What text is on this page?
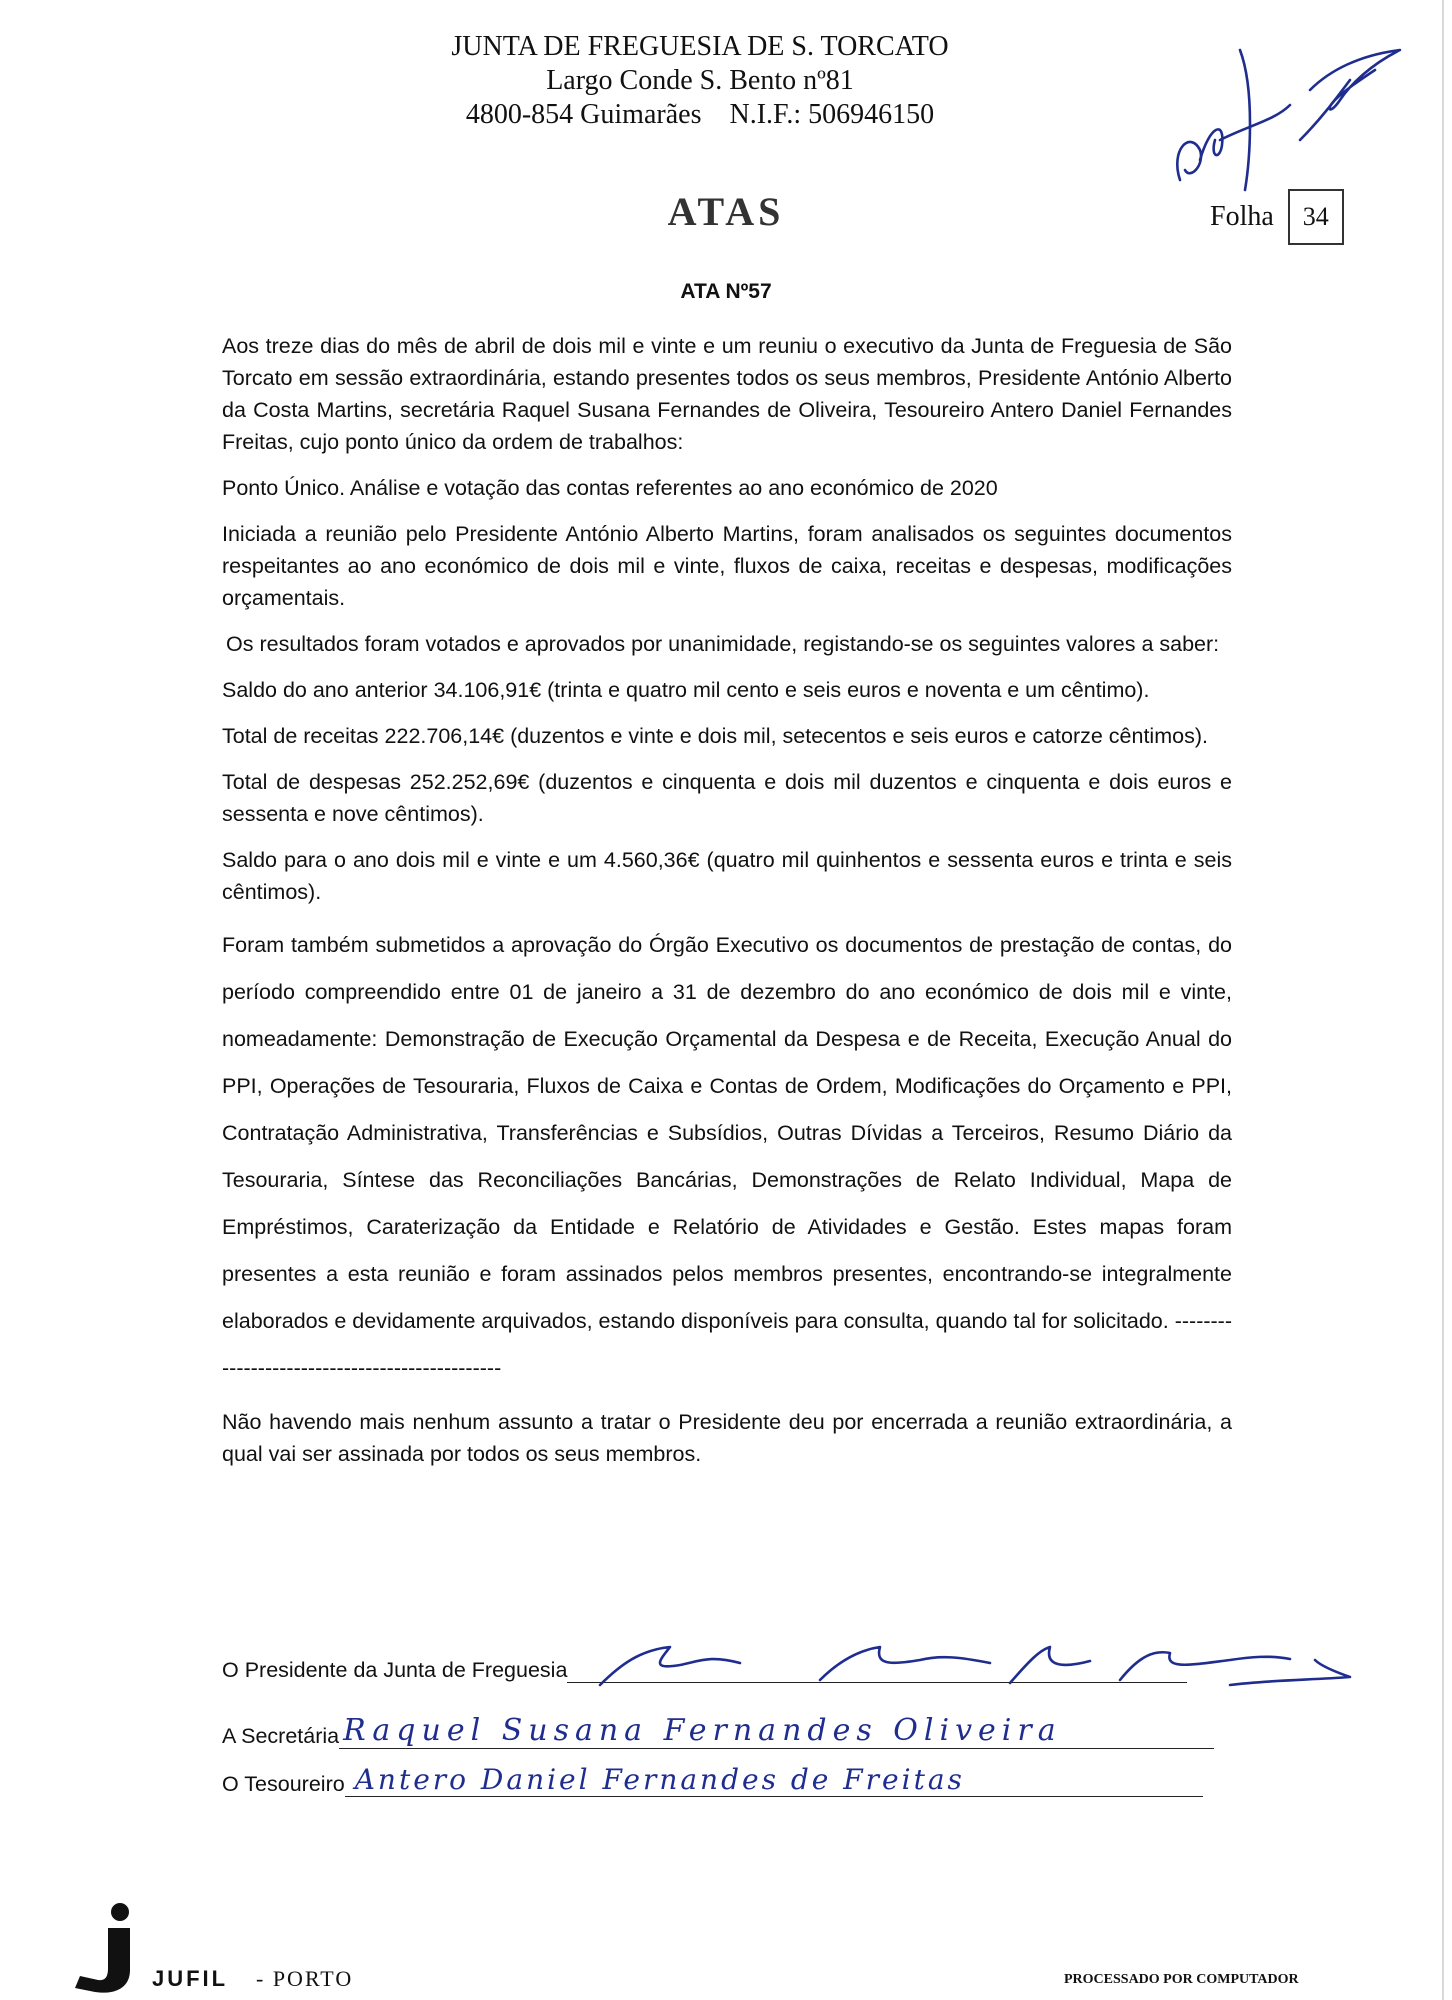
JUNTA DE FREGUESIA DE S. TORCATO
Largo Conde S. Bento nº81
4800-854 Guimarães N.I.F.: 506946150
ATAS	Folha	34
ATA Nº57

Aos treze dias do mês de abril de dois mil e vinte e um reuniu o executivo da Junta de Freguesia de São Torcato em sessão extraordinária, estando presentes todos os seus membros, Presidente António Alberto da Costa Martins, secretária Raquel Susana Fernandes de Oliveira, Tesoureiro Antero Daniel Fernandes Freitas, cujo ponto único da ordem de trabalhos:

Ponto Único. Análise e votação das contas referentes ao ano económico de 2020

Iniciada a reunião pelo Presidente António Alberto Martins, foram analisados os seguintes documentos respeitantes ao ano económico de dois mil e vinte, fluxos de caixa, receitas e despesas, modificações orçamentais.

Os resultados foram votados e aprovados por unanimidade, registando-se os seguintes valores a saber:

Saldo do ano anterior 34.106,91€ (trinta e quatro mil cento e seis euros e noventa e um cêntimo).

Total de receitas 222.706,14€ (duzentos e vinte e dois mil, setecentos e seis euros e catorze cêntimos).

Total de despesas 252.252,69€ (duzentos e cinquenta e dois mil duzentos e cinquenta e dois euros e sessenta e nove cêntimos).

Saldo para o ano dois mil e vinte e um 4.560,36€ (quatro mil quinhentos e sessenta euros e trinta e seis cêntimos).

Foram também submetidos a aprovação do Órgão Executivo os documentos de prestação de contas, do período compreendido entre 01 de janeiro a 31 de dezembro do ano económico de dois mil e vinte, nomeadamente: Demonstração de Execução Orçamental da Despesa e de Receita, Execução Anual do PPI, Operações de Tesouraria, Fluxos de Caixa e Contas de Ordem, Modificações do Orçamento e PPI, Contratação Administrativa, Transferências e Subsídios, Outras Dívidas a Terceiros, Resumo Diário da Tesouraria, Síntese das Reconciliações Bancárias, Demonstrações de Relato Individual, Mapa de Empréstimos, Caraterização da Entidade e Relatório de Atividades e Gestão. Estes mapas foram presentes a esta reunião e foram assinados pelos membros presentes, encontrando-se integralmente elaborados e devidamente arquivados, estando disponíveis para consulta, quando tal for solicitado. -----------------------------------------------

Não havendo mais nenhum assunto a tratar o Presidente deu por encerrada a reunião extraordinária, a qual vai ser assinada por todos os seus membros.

O Presidente da Junta de Freguesia
A Secretária Raquel Susana Fernandes Oliveira
O Tesoureiro Antero Daniel Fernandes de Freitas
JUFIL - PORTO	PROCESSADO POR COMPUTADOR
